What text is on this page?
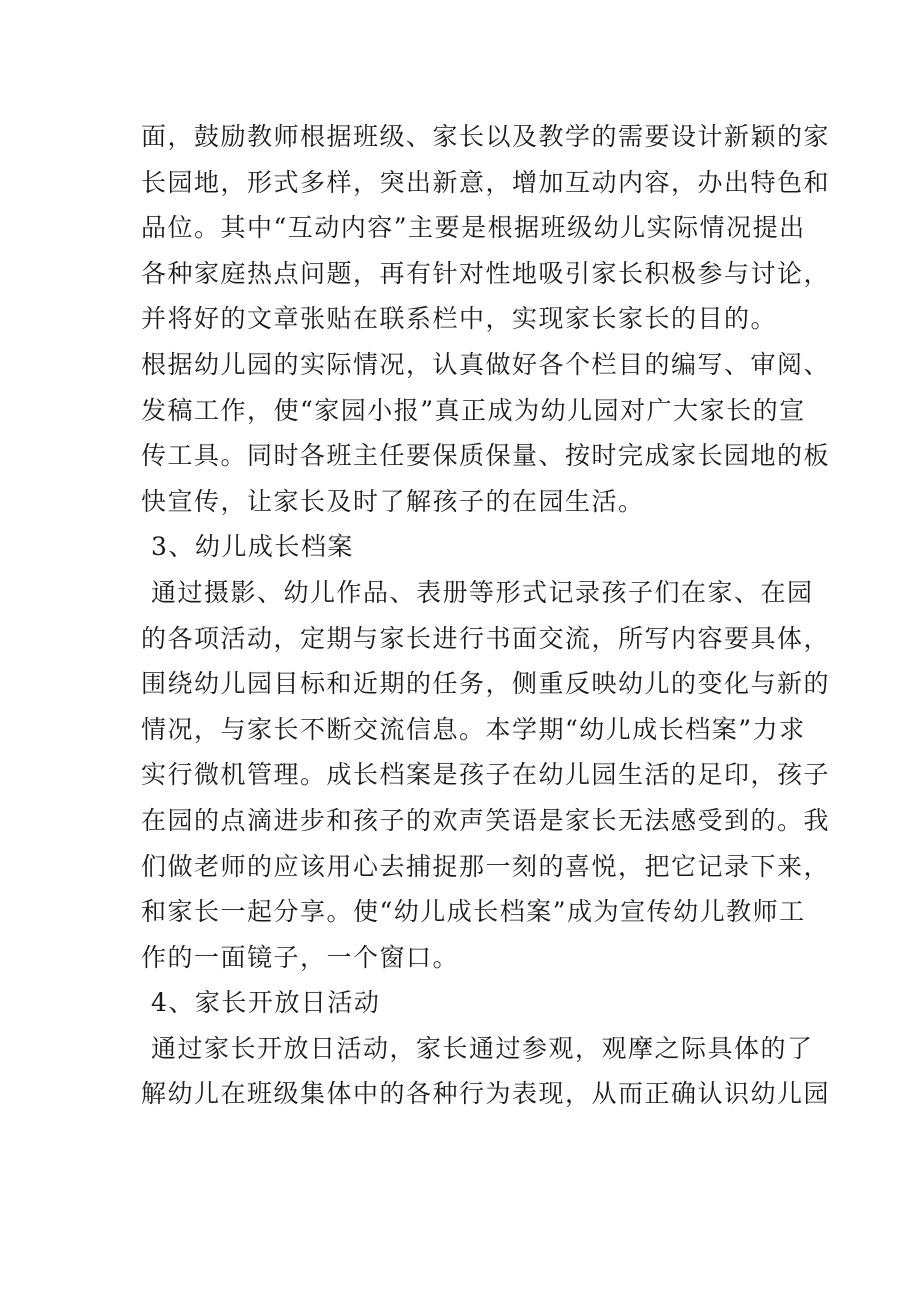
面，鼓励教师根据班级、家长以及教学的需要设计新颖的家
长园地，形式多样，突出新意，增加互动内容，办出特色和
品位。其中“互动内容”主要是根据班级幼儿实际情况提出
各种家庭热点问题，再有针对性地吸引家长积极参与讨论，
并将好的文章张贴在联系栏中，实现家长家长的目的。
根据幼儿园的实际情况，认真做好各个栏目的编写、审阅、
发稿工作，使“家园小报”真正成为幼儿园对广大家长的宣
传工具。同时各班主任要保质保量、按时完成家长园地的板
快宣传，让家长及时了解孩子的在园生活。
3、幼儿成长档案
通过摄影、幼儿作品、表册等形式记录孩子们在家、在园
的各项活动，定期与家长进行书面交流，所写内容要具体，
围绕幼儿园目标和近期的任务，侧重反映幼儿的变化与新的
情况，与家长不断交流信息。本学期“幼儿成长档案”力求
实行微机管理。成长档案是孩子在幼儿园生活的足印，孩子
在园的点滴进步和孩子的欢声笑语是家长无法感受到的。我
们做老师的应该用心去捕捉那一刻的喜悦，把它记录下来，
和家长一起分享。使“幼儿成长档案”成为宣传幼儿教师工
作的一面镜子，一个窗口。
4、家长开放日活动
通过家长开放日活动，家长通过参观，观摩之际具体的了
解幼儿在班级集体中的各种行为表现，从而正确认识幼儿园
